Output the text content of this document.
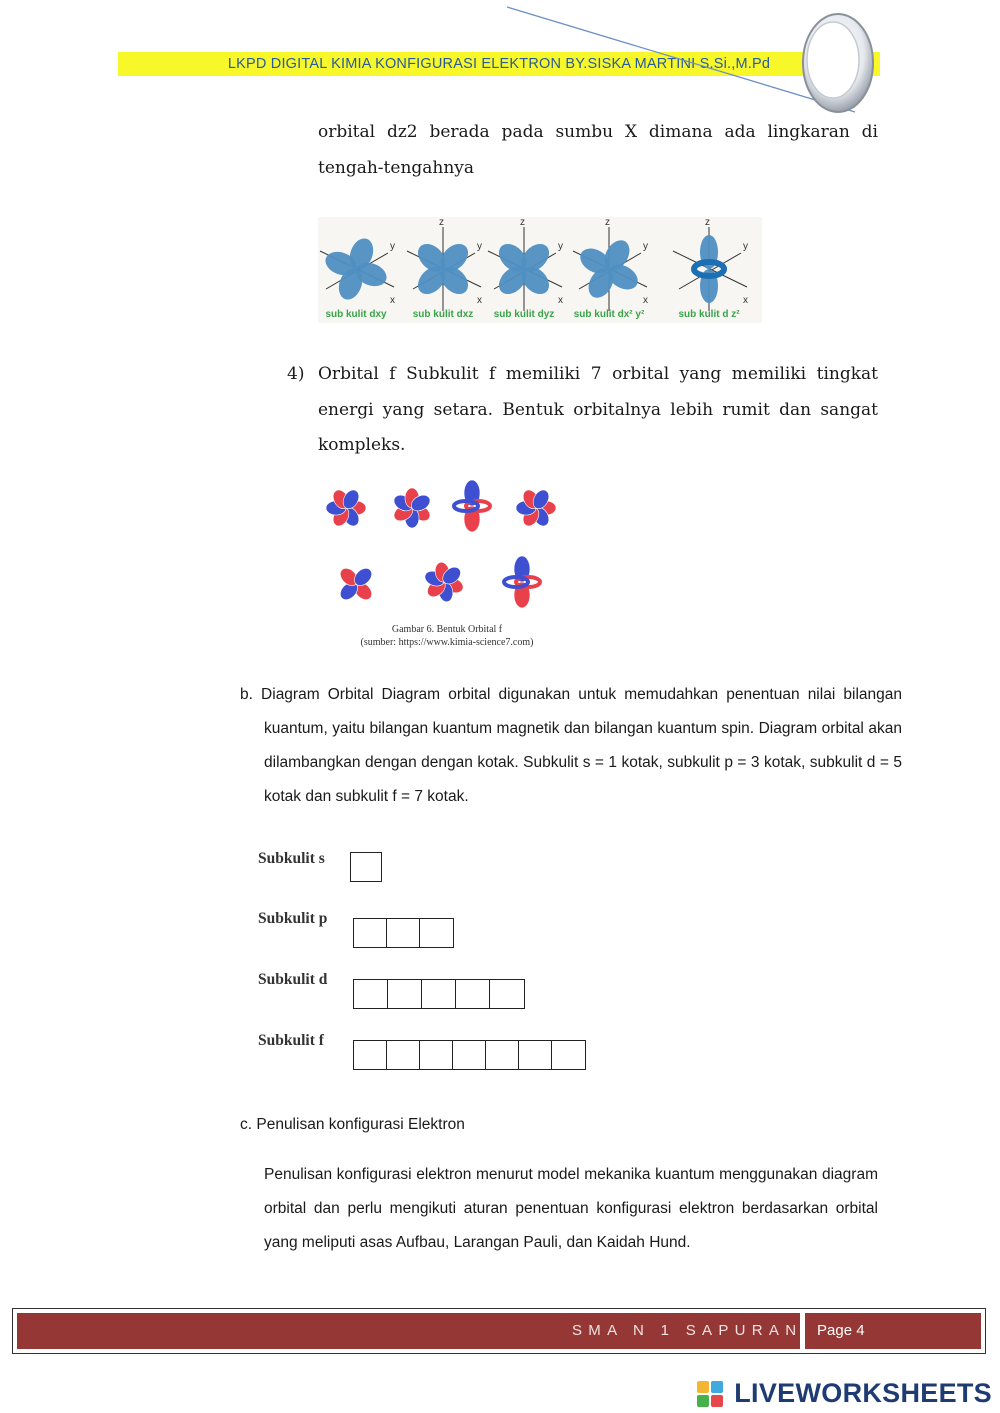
LKPD DIGITAL KIMIA KONFIGURASI ELEKTRON BY.SISKA MARTINI S.Si.,M.Pd
orbital dz2 berada pada sumbu X dimana ada lingkaran di tengah-tengahnya
y
x
sub kulit dxy
z
y
x
sub kulit dxz
z
y
x
sub kulit dyz
z
y
x
sub kulit dx² y²
z
y
x
sub kulit d z²
4) Orbital f Subkulit f memiliki 7 orbital yang memiliki tingkat energi yang setara. Bentuk orbitalnya lebih rumit dan sangat kompleks.
Gambar 6. Bentuk Orbital f
(sumber: https://www.kimia-science7.com)
b. Diagram Orbital Diagram orbital digunakan untuk memudahkan penentuan nilai bilangan kuantum, yaitu bilangan kuantum magnetik dan bilangan kuantum spin. Diagram orbital akan dilambangkan dengan dengan kotak. Subkulit s = 1 kotak, subkulit p = 3 kotak, subkulit d = 5 kotak dan subkulit f = 7 kotak.
Subkulit s
Subkulit p
Subkulit d
Subkulit f
c. Penulisan konfigurasi Elektron
Penulisan konfigurasi elektron menurut model mekanika kuantum menggunakan diagram orbital dan perlu mengikuti aturan penentuan konfigurasi elektron berdasarkan orbital yang meliputi asas Aufbau, Larangan Pauli, dan Kaidah Hund.
SMA N 1 SAPURAN Page 4
LIVEWORKSHEETS
